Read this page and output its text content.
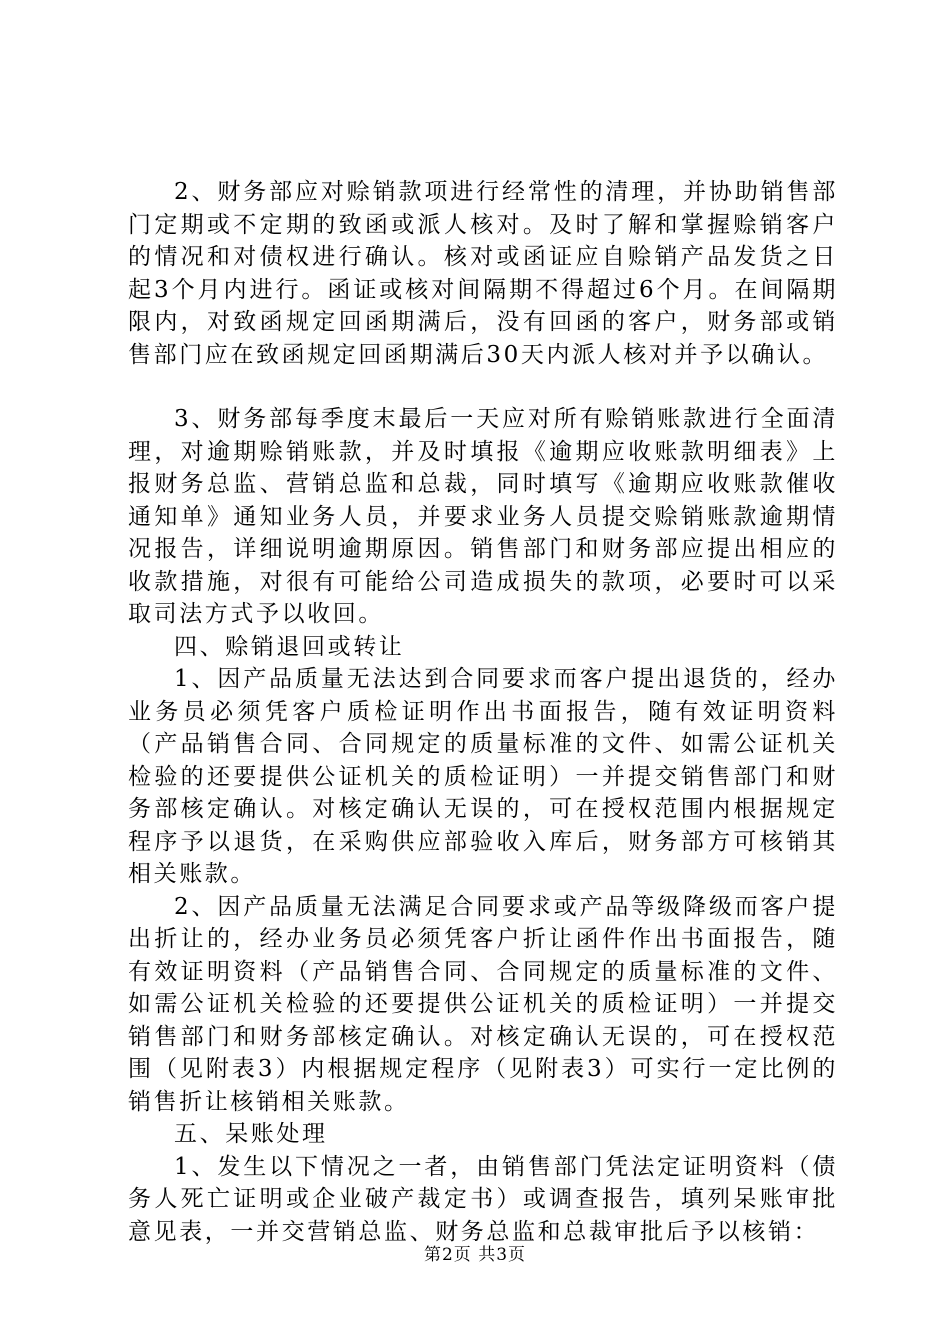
2、财务部应对赊销款项进行经常性的清理，并协助销售部门定期或不定期的致函或派人核对。及时了解和掌握赊销客户的情况和对债权进行确认。核对或函证应自赊销产品发货之日起3个月内进行。函证或核对间隔期不得超过6个月。在间隔期限内，对致函规定回函期满后，没有回函的客户，财务部或销售部门应在致函规定回函期满后30天内派人核对并予以确认。

3、财务部每季度末最后一天应对所有赊销账款进行全面清理，对逾期赊销账款，并及时填报《逾期应收账款明细表》上报财务总监、营销总监和总裁，同时填写《逾期应收账款催收通知单》通知业务人员，并要求业务人员提交赊销账款逾期情况报告，详细说明逾期原因。销售部门和财务部应提出相应的收款措施，对很有可能给公司造成损失的款项，必要时可以采取司法方式予以收回。

四、赊销退回或转让

1、因产品质量无法达到合同要求而客户提出退货的，经办业务员必须凭客户质检证明作出书面报告，随有效证明资料（产品销售合同、合同规定的质量标准的文件、如需公证机关检验的还要提供公证机关的质检证明）一并提交销售部门和财务部核定确认。对核定确认无误的，可在授权范围内根据规定程序予以退货，在采购供应部验收入库后，财务部方可核销其相关账款。

2、因产品质量无法满足合同要求或产品等级降级而客户提出折让的，经办业务员必须凭客户折让函件作出书面报告，随有效证明资料（产品销售合同、合同规定的质量标准的文件、如需公证机关检验的还要提供公证机关的质检证明）一并提交销售部门和财务部核定确认。对核定确认无误的，可在授权范围（见附表3）内根据规定程序（见附表3）可实行一定比例的销售折让核销相关账款。

五、呆账处理

1、发生以下情况之一者，由销售部门凭法定证明资料（债务人死亡证明或企业破产裁定书）或调查报告，填列呆账审批意见表，一并交营销总监、财务总监和总裁审批后予以核销：

第2页 共3页
